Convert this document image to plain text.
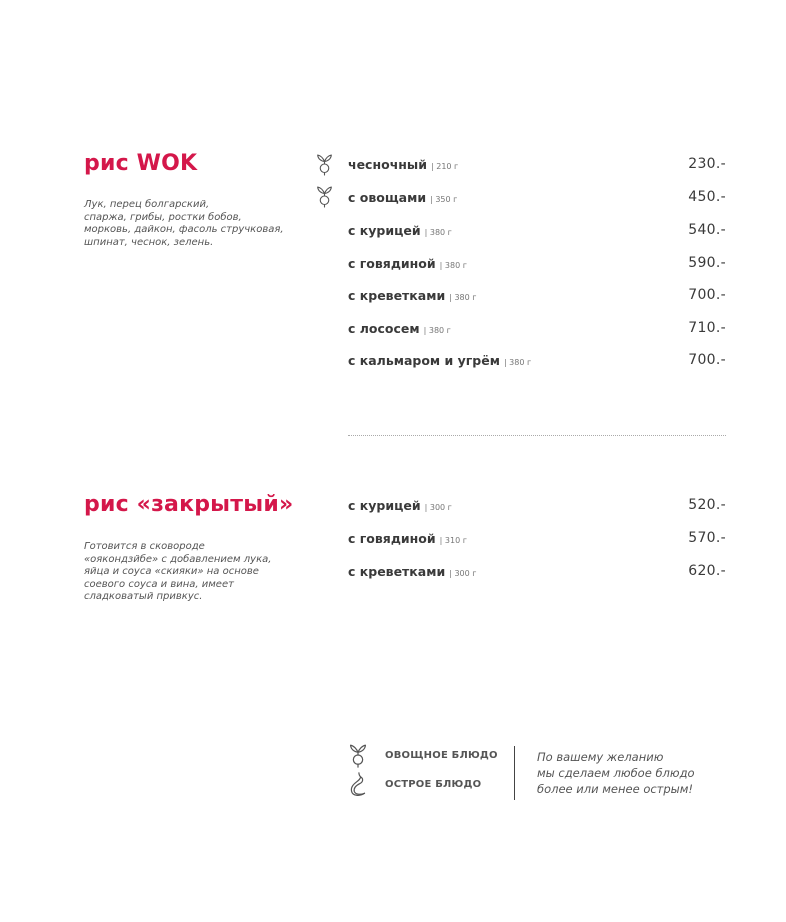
рис WOK

Лук, перец болгарский,
спаржа, грибы, ростки бобов,
морковь, дайкон, фасоль стручковая,
шпинат, чеснок, зелень.

чесночный | 210 г	230.-
с овощами | 350 г	450.-
с курицей | 380 г	540.-
с говядиной | 380 г	590.-
с креветками | 380 г	700.-
с лососем | 380 г	710.-
с кальмаром и угрём | 380 г	700.-
рис «закрытый»

Готовится в сковороде
«оякондзйбе» с добавлением лука,
яйца и соуса «скияки» на основе
соевого соуса и вина, имеет
сладковатый привкус.

с курицей | 300 г	520.-
с говядиной | 310 г	570.-
с креветками | 300 г	620.-
ОВОЩНОЕ БЛЮДО
ОСТРОЕ БЛЮДО

По вашему желанию
мы сделаем любое блюдо
более или менее острым!
